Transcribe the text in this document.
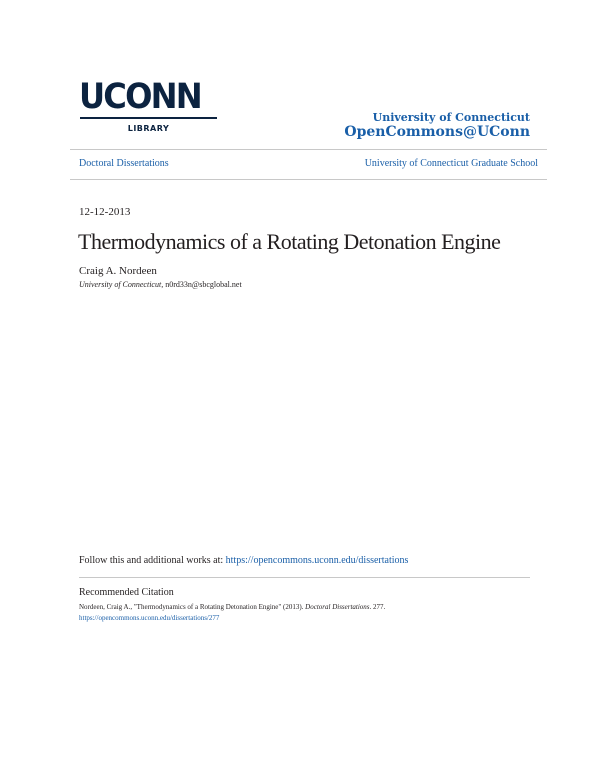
UCONN
LIBRARY
University of Connecticut
OpenCommons@UConn
Doctoral Dissertations	University of Connecticut Graduate School
12-12-2013
Thermodynamics of a Rotating Detonation Engine
Craig A. Nordeen
University of Connecticut, n0rd33n@sbcglobal.net
Follow this and additional works at: https://opencommons.uconn.edu/dissertations
Recommended Citation
Nordeen, Craig A., "Thermodynamics of a Rotating Detonation Engine" (2013). Doctoral Dissertations. 277.
https://opencommons.uconn.edu/dissertations/277
